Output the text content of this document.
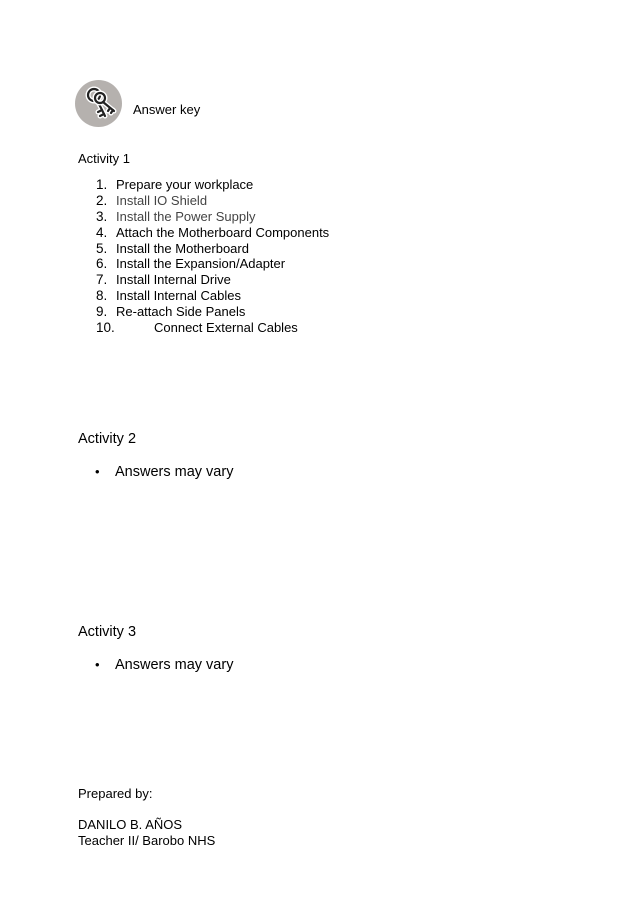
Answer key
Activity 1
1. Prepare your workplace
2. Install IO Shield
3. Install the Power Supply
4. Attach the Motherboard Components
5. Install the Motherboard
6. Install the Expansion/Adapter
7. Install Internal Drive
8. Install Internal Cables
9. Re-attach Side Panels
10.	Connect External Cables
Activity 2
• Answers may vary
Activity 3
• Answers may vary
Prepared by:
DANILO B. AÑOS
Teacher II/ Barobo NHS
